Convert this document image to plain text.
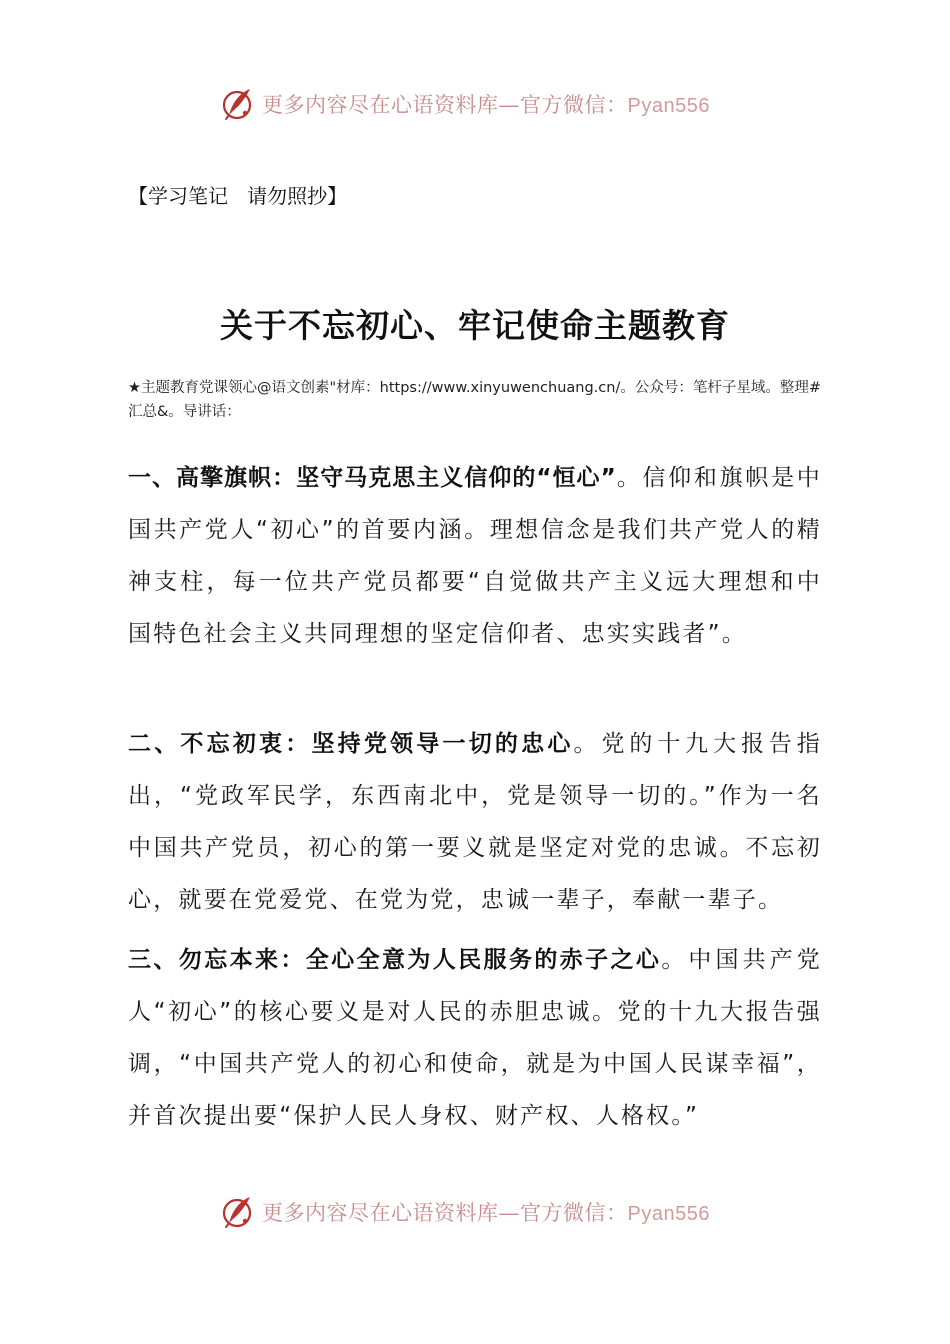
更多内容尽在心语资料库—官方微信：Pyan556
【学习笔记   请勿照抄】
关于不忘初心、牢记使命主题教育
★主题教育党课领心@语文创素"材库：https://www.xinyuwenchuang.cn/。公众号：笔杆子星域。整理#汇总&。导讲话：
一、高擎旗帜：坚守马克思主义信仰的“恒心”。信仰和旗帜是中国共产党人“初心”的首要内涵。理想信念是我们共产党人的精神支柱，每一位共产党员都要“自觉做共产主义远大理想和中国特色社会主义共同理想的坚定信仰者、忠实实践者”。
二、不忘初衷：坚持党领导一切的忠心。党的十九大报告指出，“党政军民学，东西南北中，党是领导一切的。”作为一名中国共产党员，初心的第一要义就是坚定对党的忠诚。不忘初心，就要在党爱党、在党为党，忠诚一辈子，奉献一辈子。
三、勿忘本来：全心全意为人民服务的赤子之心。中国共产党人“初心”的核心要义是对人民的赤胆忠诚。党的十九大报告强调，“中国共产党人的初心和使命，就是为中国人民谋幸福”，并首次提出要“保护人民人身权、财产权、人格权。”
更多内容尽在心语资料库—官方微信：Pyan556
